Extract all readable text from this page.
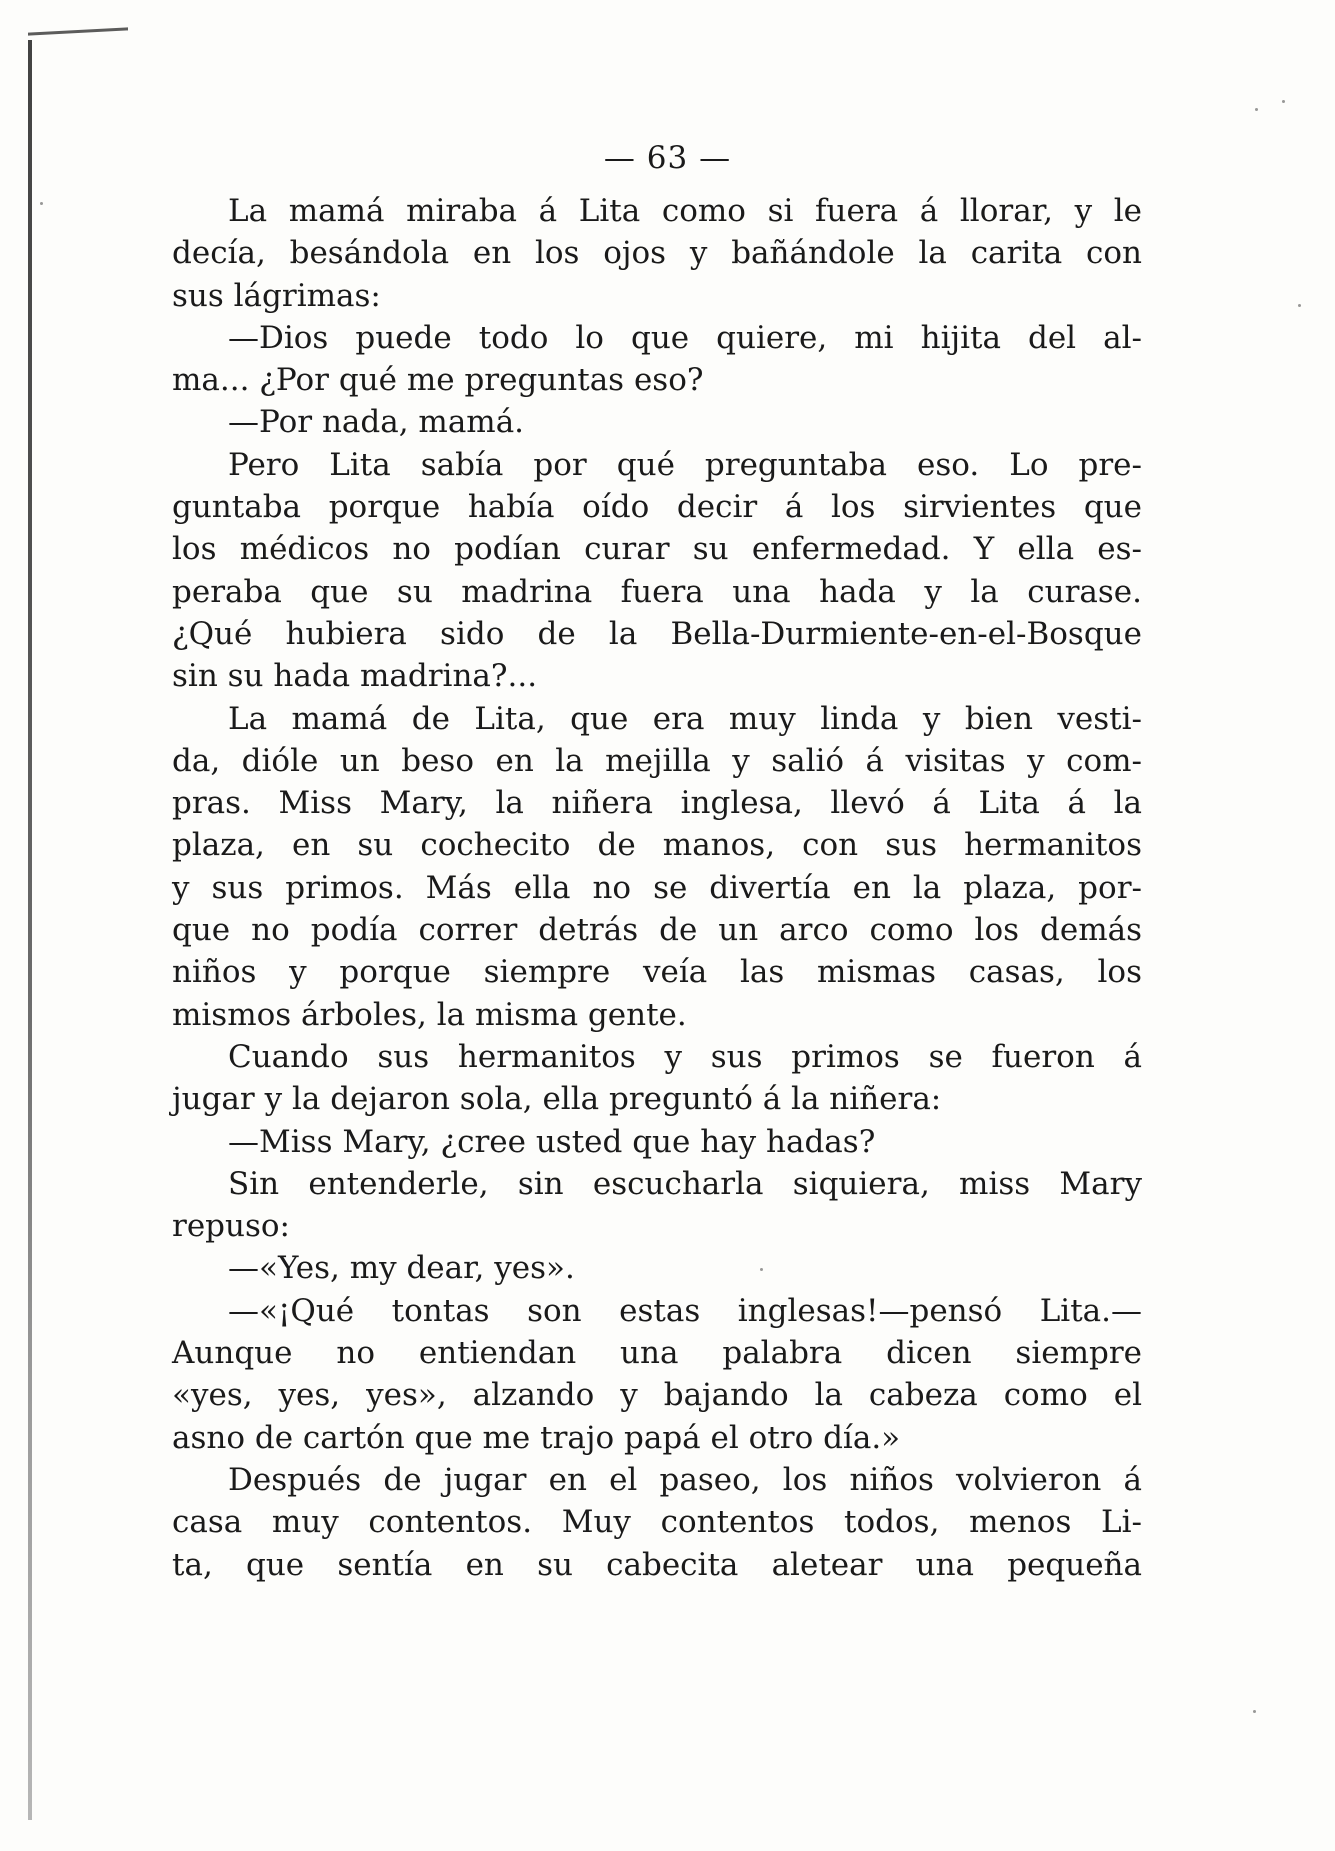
— 63 —
La mamá miraba á Lita como si fuera á llorar, y le
decía, besándola en los ojos y bañándole la carita con
sus lágrimas:
—Dios puede todo lo que quiere, mi hijita del al-
ma... ¿Por qué me preguntas eso?
—Por nada, mamá.
Pero Lita sabía por qué preguntaba eso. Lo pre-
guntaba porque había oído decir á los sirvientes que
los médicos no podían curar su enfermedad. Y ella es-
peraba que su madrina fuera una hada y la curase.
¿Qué hubiera sido de la Bella-Durmiente-en-el-Bosque
sin su hada madrina?...
La mamá de Lita, que era muy linda y bien vesti-
da, dióle un beso en la mejilla y salió á visitas y com-
pras. Miss Mary, la niñera inglesa, llevó á Lita á la
plaza, en su cochecito de manos, con sus hermanitos
y sus primos. Más ella no se divertía en la plaza, por-
que no podía correr detrás de un arco como los demás
niños y porque siempre veía las mismas casas, los
mismos árboles, la misma gente.
Cuando sus hermanitos y sus primos se fueron á
jugar y la dejaron sola, ella preguntó á la niñera:
—Miss Mary, ¿cree usted que hay hadas?
Sin entenderle, sin escucharla siquiera, miss Mary
repuso:
—«Yes, my dear, yes».
—«¡Qué tontas son estas inglesas!—pensó Lita.—
Aunque no entiendan una palabra dicen siempre
«yes, yes, yes», alzando y bajando la cabeza como el
asno de cartón que me trajo papá el otro día.»
Después de jugar en el paseo, los niños volvieron á
casa muy contentos. Muy contentos todos, menos Li-
ta, que sentía en su cabecita aletear una pequeña
